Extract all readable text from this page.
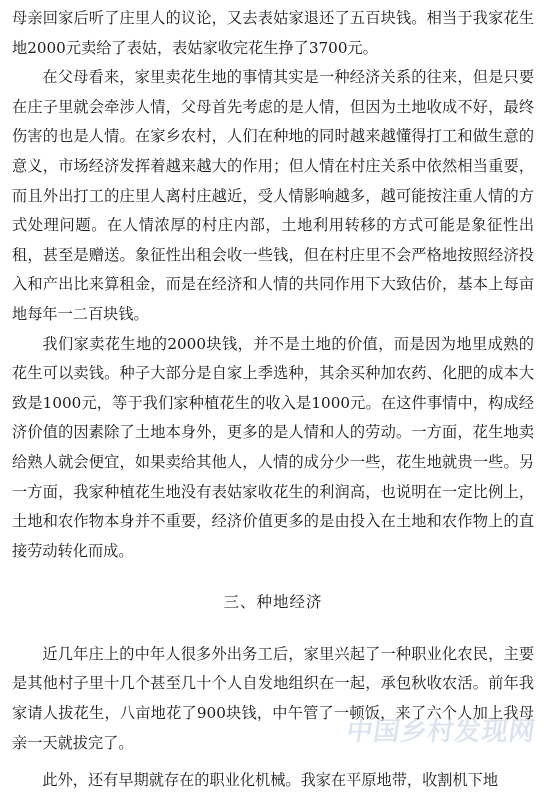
母亲回家后听了庄里人的议论，又去表姑家退还了五百块钱。相当于我家花生地2000元卖给了表姑，表姑家收完花生挣了3700元。

在父母看来，家里卖花生地的事情其实是一种经济关系的往来，但是只要在庄子里就会牵涉人情，父母首先考虑的是人情，但因为土地收成不好，最终伤害的也是人情。在家乡农村，人们在种地的同时越来越懂得打工和做生意的意义，市场经济发挥着越来越大的作用；但人情在村庄关系中依然相当重要，而且外出打工的庄里人离村庄越近，受人情影响越多，越可能按注重人情的方式处理问题。在人情浓厚的村庄内部，土地利用转移的方式可能是象征性出租，甚至是赠送。象征性出租会收一些钱，但在村庄里不会严格地按照经济投入和产出比来算租金，而是在经济和人情的共同作用下大致估价，基本上每亩地每年一二百块钱。

我们家卖花生地的2000块钱，并不是土地的价值，而是因为地里成熟的花生可以卖钱。种子大部分是自家上季选种，其余买种加农药、化肥的成本大致是1000元，等于我们家种植花生的收入是1000元。在这件事情中，构成经济价值的因素除了土地本身外，更多的是人情和人的劳动。一方面，花生地卖给熟人就会便宜，如果卖给其他人，人情的成分少一些，花生地就贵一些。另一方面，我家种植花生地没有表姑家收花生的利润高，也说明在一定比例上，土地和农作物本身并不重要，经济价值更多的是由投入在土地和农作物上的直接劳动转化而成。

三、种地经济

近几年庄上的中年人很多外出务工后，家里兴起了一种职业化农民，主要是其他村子里十几个甚至几十个人自发地组织在一起，承包秋收农活。前年我家请人拔花生，八亩地花了900块钱，中午管了一顿饭，来了六个人加上我母亲一天就拔完了。

此外，还有早期就存在的职业化机械。我家在平原地带，收割机下地

中国乡村发现网
